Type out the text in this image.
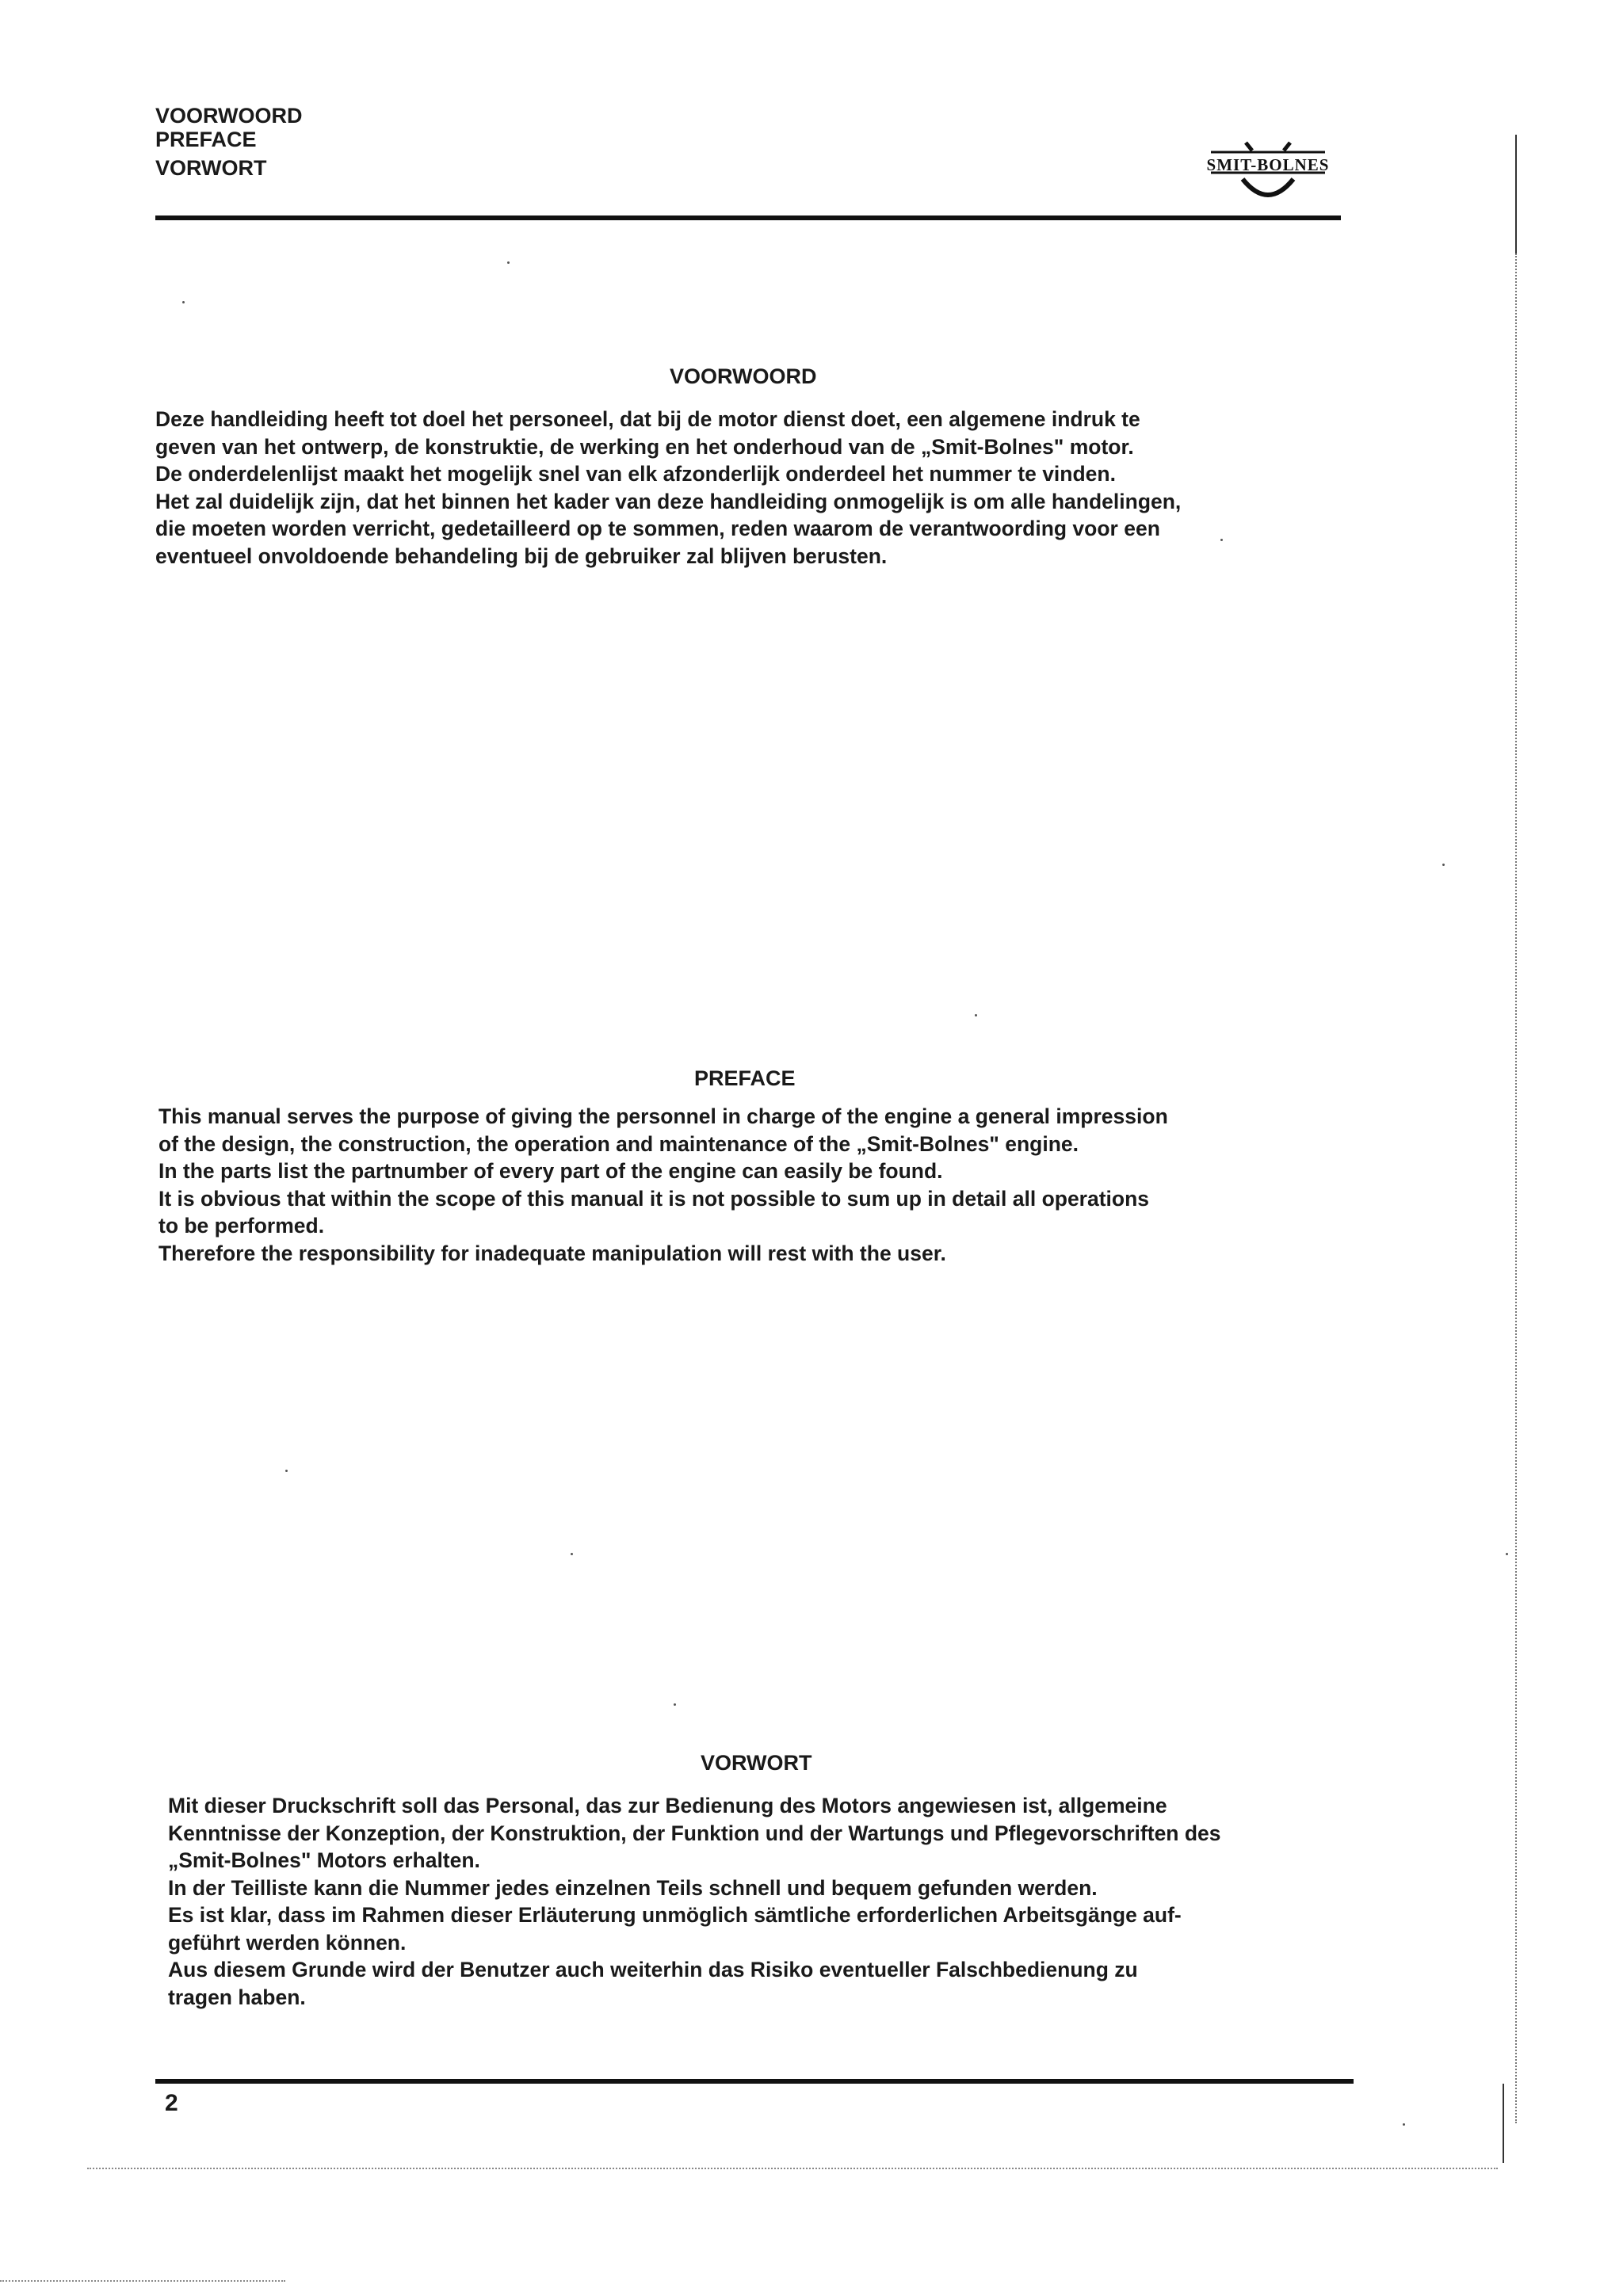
VOORWOORD
PREFACE
VORWORT	SMIT-BOLNES
VOORWOORD

Deze handleiding heeft tot doel het personeel, dat bij de motor dienst doet, een algemene indruk te

geven van het ontwerp, de konstruktie, de werking en het onderhoud van de „Smit-Bolnes" motor.

De onderdelenlijst maakt het mogelijk snel van elk afzonderlijk onderdeel het nummer te vinden.

Het zal duidelijk zijn, dat het binnen het kader van deze handleiding onmogelijk is om alle handelingen,

die moeten worden verricht, gedetailleerd op te sommen, reden waarom de verantwoording voor een

eventueel onvoldoende behandeling bij de gebruiker zal blijven berusten.

PREFACE

This manual serves the purpose of giving the personnel in charge of the engine a general impression

of the design, the construction, the operation and maintenance of the „Smit-Bolnes" engine.

In the parts list the partnumber of every part of the engine can easily be found.

It is obvious that within the scope of this manual it is not possible to sum up in detail all operations

to be performed.

Therefore the responsibility for inadequate manipulation will rest with the user.

VORWORT

Mit dieser Druckschrift soll das Personal, das zur Bedienung des Motors angewiesen ist, allgemeine

Kenntnisse der Konzeption, der Konstruktion, der Funktion und der Wartungs und Pflegevorschriften des

„Smit-Bolnes" Motors erhalten.

In der Teilliste kann die Nummer jedes einzelnen Teils schnell und bequem gefunden werden.

Es ist klar, dass im Rahmen dieser Erläuterung unmöglich sämtliche erforderlichen Arbeitsgänge auf-

geführt werden können.

Aus diesem Grunde wird der Benutzer auch weiterhin das Risiko eventueller Falschbedienung zu

tragen haben.

2
